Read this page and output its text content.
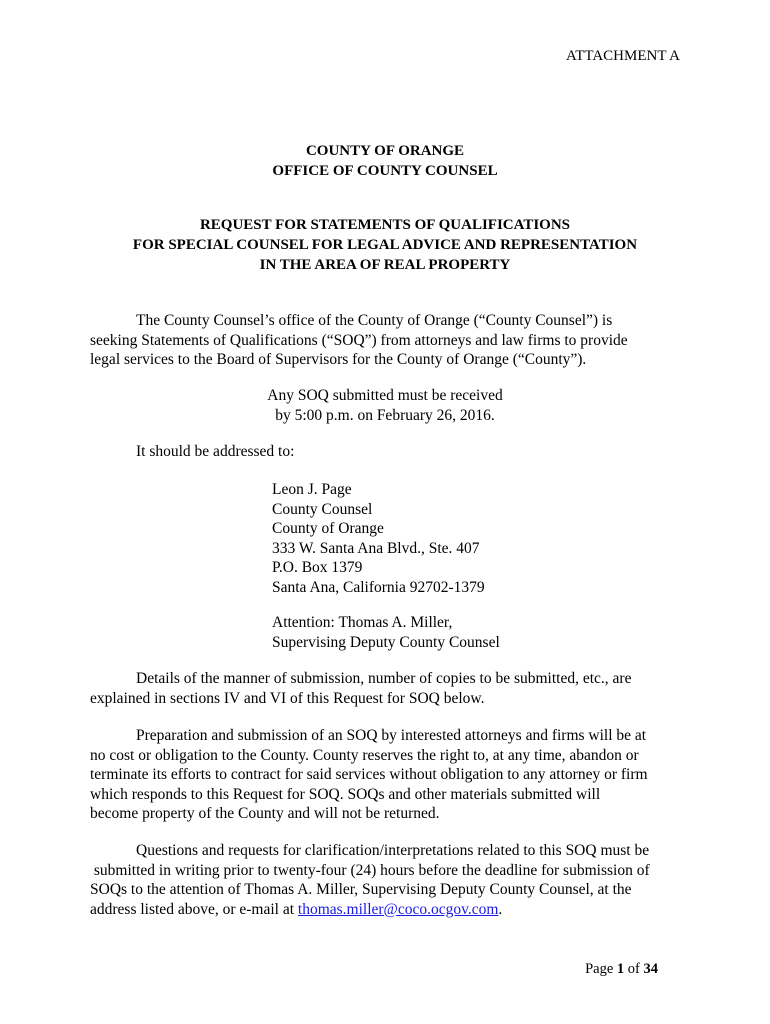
ATTACHMENT A

COUNTY OF ORANGE
OFFICE OF COUNTY COUNSEL
REQUEST FOR STATEMENTS OF QUALIFICATIONS
FOR SPECIAL COUNSEL FOR LEGAL ADVICE AND REPRESENTATION
IN THE AREA OF REAL PROPERTY
The County Counsel’s office of the County of Orange (“County Counsel”) is
seeking Statements of Qualifications (“SOQ”) from attorneys and law firms to provide
legal services to the Board of Supervisors for the County of Orange (“County”).
Any SOQ submitted must be received
by 5:00 p.m. on February 26, 2016.
It should be addressed to:
Leon J. Page
County Counsel
County of Orange
333 W. Santa Ana Blvd., Ste. 407
P.O. Box 1379
Santa Ana, California 92702-1379
Attention: Thomas A. Miller,
Supervising Deputy County Counsel
Details of the manner of submission, number of copies to be submitted, etc., are
explained in sections IV and VI of this Request for SOQ below.
Preparation and submission of an SOQ by interested attorneys and firms will be at
no cost or obligation to the County. County reserves the right to, at any time, abandon or
terminate its efforts to contract for said services without obligation to any attorney or firm
which responds to this Request for SOQ. SOQs and other materials submitted will
become property of the County and will not be returned.
Questions and requests for clarification/interpretations related to this SOQ must be
submitted in writing prior to twenty-four (24) hours before the deadline for submission of
SOQs to the attention of Thomas A. Miller, Supervising Deputy County Counsel, at the
address listed above, or e-mail at thomas.miller@coco.ocgov.com.

Page 1 of 34
